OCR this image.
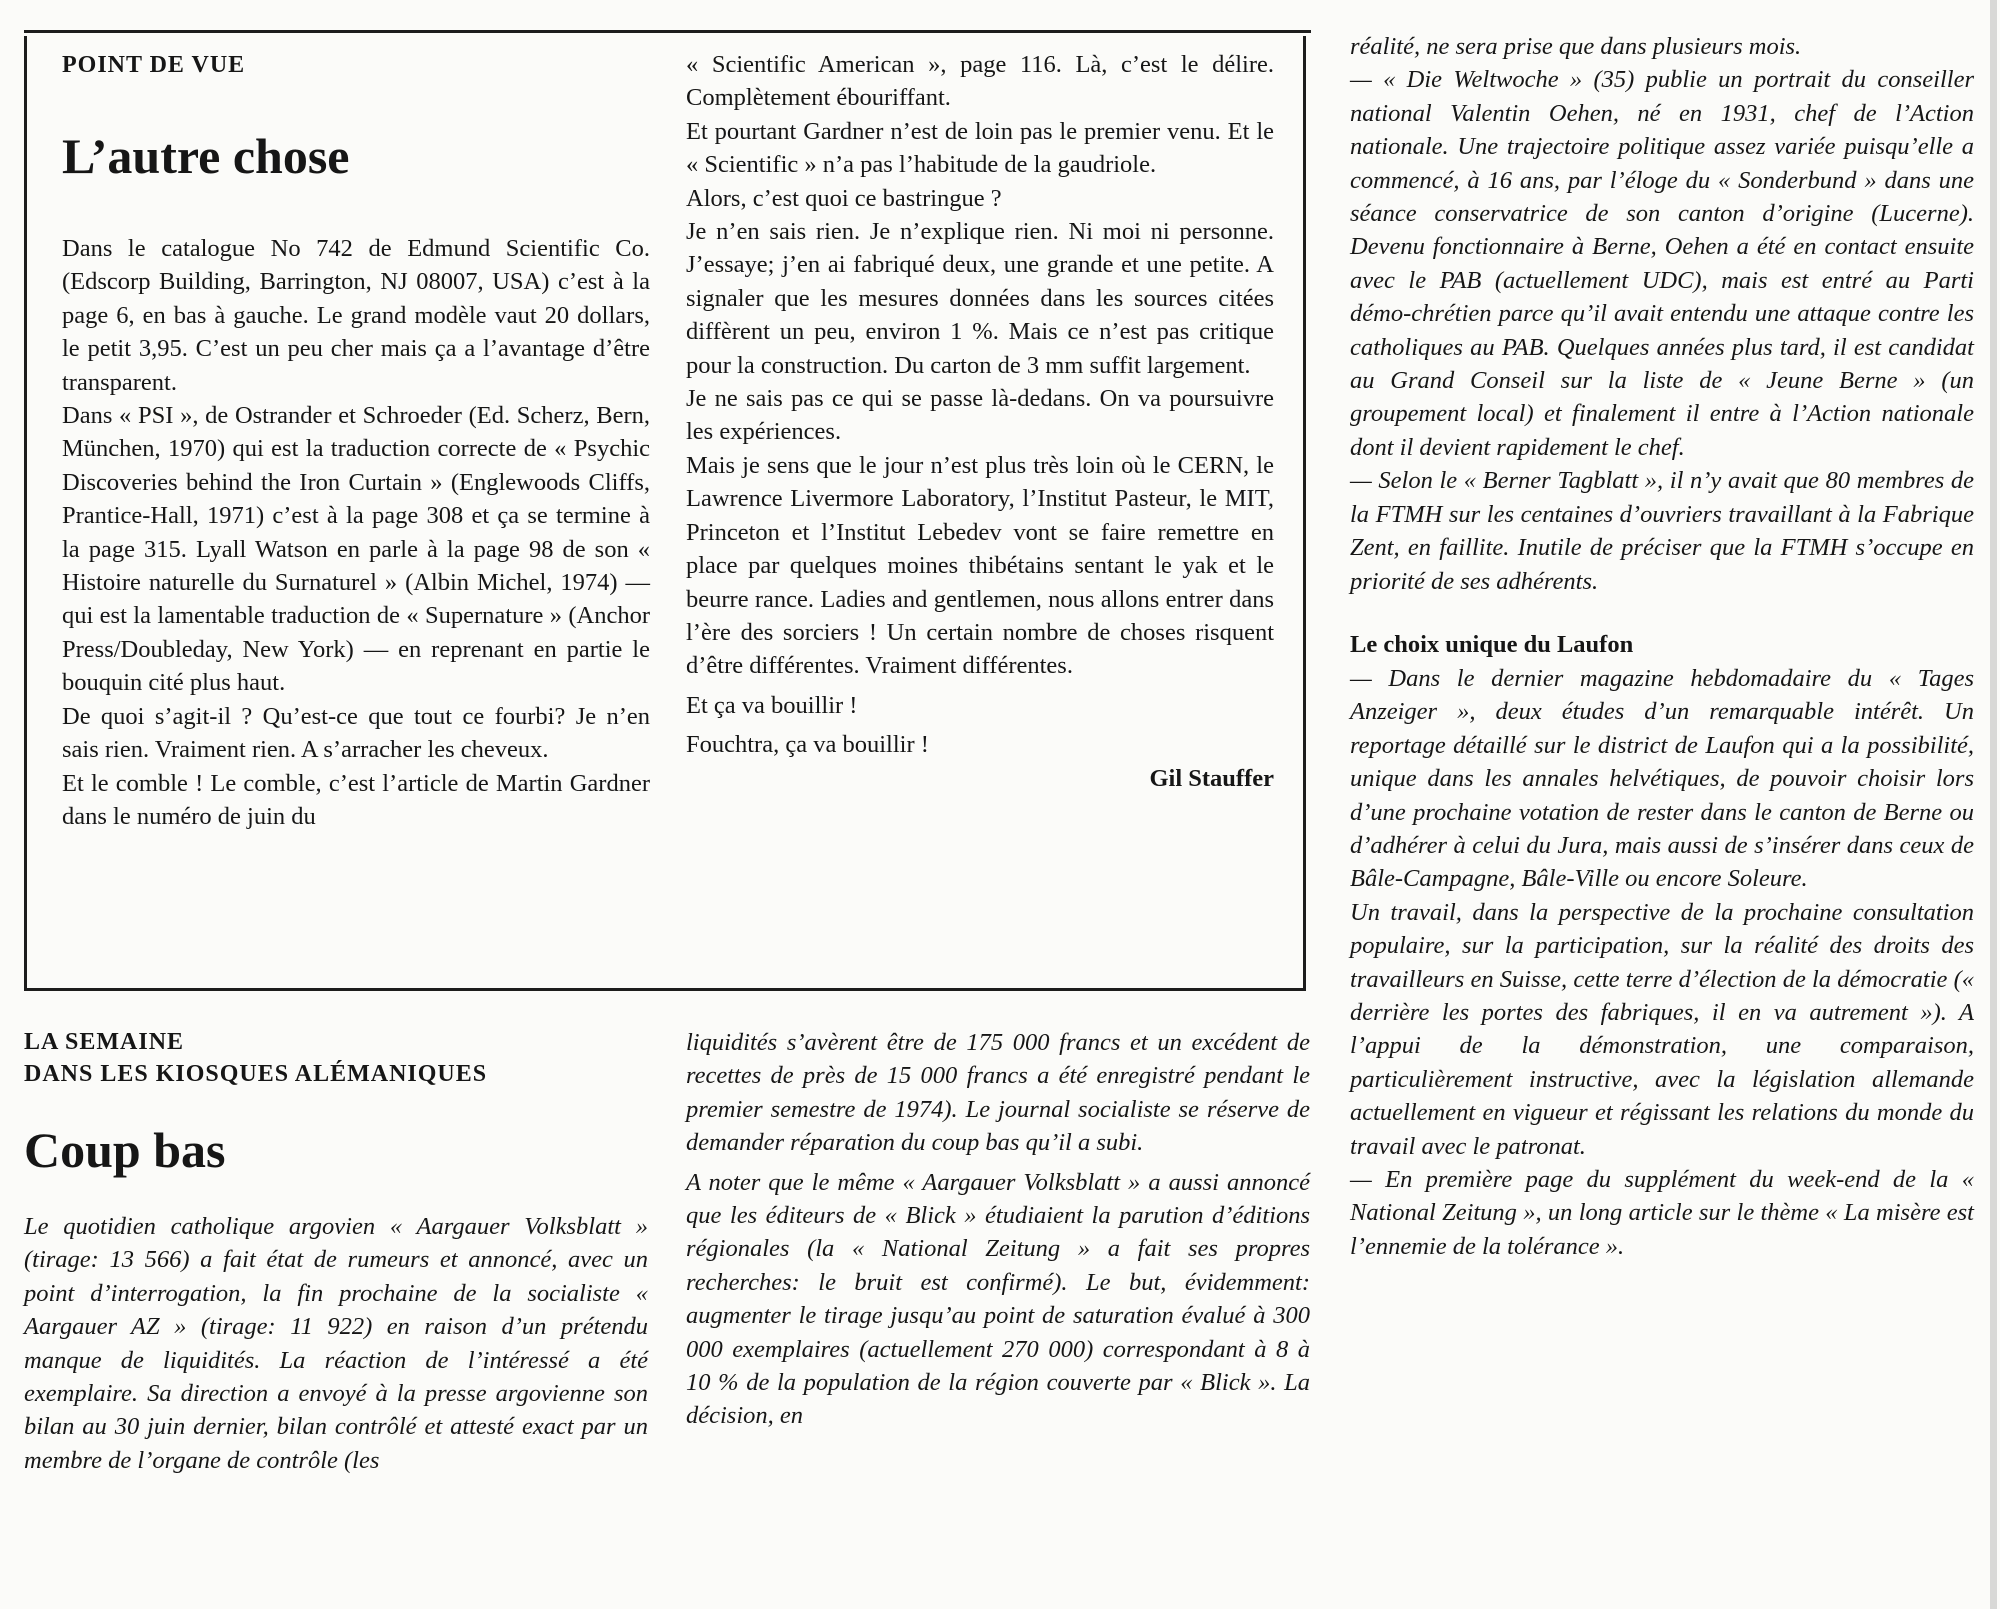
POINT DE VUE
L’autre chose

Dans le catalogue No 742 de Edmund Scientific Co. (Edscorp Building, Barrington, NJ 08007, USA) c’est à la page 6, en bas à gauche. Le grand modèle vaut 20 dollars, le petit 3,95. C’est un peu cher mais ça a l’avantage d’être transparent.

Dans « PSI », de Ostrander et Schroeder (Ed. Scherz, Bern, München, 1970) qui est la traduction correcte de « Psychic Discoveries behind the Iron Curtain » (Englewoods Cliffs, Prantice-Hall, 1971) c’est à la page 308 et ça se termine à la page 315. Lyall Watson en parle à la page 98 de son « Histoire naturelle du Surnaturel » (Albin Michel, 1974) — qui est la lamentable traduction de « Supernature » (Anchor Press/Doubleday, New York) — en reprenant en partie le bouquin cité plus haut.

De quoi s’agit-il ? Qu’est-ce que tout ce fourbi? Je n’en sais rien. Vraiment rien. A s’arracher les cheveux.

Et le comble ! Le comble, c’est l’article de Martin Gardner dans le numéro de juin du

« Scientific American », page 116. Là, c’est le délire. Complètement ébouriffant.

Et pourtant Gardner n’est de loin pas le premier venu. Et le « Scientific » n’a pas l’habitude de la gaudriole.

Alors, c’est quoi ce bastringue ?

Je n’en sais rien. Je n’explique rien. Ni moi ni personne. J’essaye; j’en ai fabriqué deux, une grande et une petite. A signaler que les mesures données dans les sources citées diffèrent un peu, environ 1 %. Mais ce n’est pas critique pour la construction. Du carton de 3 mm suffit largement.

Je ne sais pas ce qui se passe là-dedans. On va poursuivre les expériences.

Mais je sens que le jour n’est plus très loin où le CERN, le Lawrence Livermore Laboratory, l’Institut Pasteur, le MIT, Princeton et l’Institut Lebedev vont se faire remettre en place par quelques moines thibétains sentant le yak et le beurre rance. Ladies and gentlemen, nous allons entrer dans l’ère des sorciers ! Un certain nombre de choses risquent d’être différentes. Vraiment différentes.

Et ça va bouillir !

Fouchtra, ça va bouillir !

Gil Stauffer

LA SEMAINE
DANS LES KIOSQUES ALÉMANIQUES
Coup bas

Le quotidien catholique argovien « Aargauer Volksblatt » (tirage: 13 566) a fait état de rumeurs et annoncé, avec un point d’interrogation, la fin prochaine de la socialiste « Aargauer AZ » (tirage: 11 922) en raison d’un prétendu manque de liquidités. La réaction de l’intéressé a été exemplaire. Sa direction a envoyé à la presse argovienne son bilan au 30 juin dernier, bilan contrôlé et attesté exact par un membre de l’organe de contrôle (les

liquidités s’avèrent être de 175 000 francs et un excédent de recettes de près de 15 000 francs a été enregistré pendant le premier semestre de 1974). Le journal socialiste se réserve de demander réparation du coup bas qu’il a subi.

A noter que le même « Aargauer Volksblatt » a aussi annoncé que les éditeurs de « Blick » étudiaient la parution d’éditions régionales (la « National Zeitung » a fait ses propres recherches: le bruit est confirmé). Le but, évidemment: augmenter le tirage jusqu’au point de saturation évalué à 300 000 exemplaires (actuellement 270 000) correspondant à 8 à 10 % de la population de la région couverte par « Blick ». La décision, en

réalité, ne sera prise que dans plusieurs mois.

— « Die Weltwoche » (35) publie un portrait du conseiller national Valentin Oehen, né en 1931, chef de l’Action nationale. Une trajectoire politique assez variée puisqu’elle a commencé, à 16 ans, par l’éloge du « Sonderbund » dans une séance conservatrice de son canton d’origine (Lucerne). Devenu fonctionnaire à Berne, Oehen a été en contact ensuite avec le PAB (actuellement UDC), mais est entré au Parti démo-chrétien parce qu’il avait entendu une attaque contre les catholiques au PAB. Quelques années plus tard, il est candidat au Grand Conseil sur la liste de « Jeune Berne » (un groupement local) et finalement il entre à l’Action nationale dont il devient rapidement le chef.

— Selon le « Berner Tagblatt », il n’y avait que 80 membres de la FTMH sur les centaines d’ouvriers travaillant à la Fabrique Zent, en faillite. Inutile de préciser que la FTMH s’occupe en priorité de ses adhérents.

Le choix unique du Laufon

— Dans le dernier magazine hebdomadaire du « Tages Anzeiger », deux études d’un remarquable intérêt. Un reportage détaillé sur le district de Laufon qui a la possibilité, unique dans les annales helvétiques, de pouvoir choisir lors d’une prochaine votation de rester dans le canton de Berne ou d’adhérer à celui du Jura, mais aussi de s’insérer dans ceux de Bâle-Campagne, Bâle-Ville ou encore Soleure.

Un travail, dans la perspective de la prochaine consultation populaire, sur la participation, sur la réalité des droits des travailleurs en Suisse, cette terre d’élection de la démocratie (« derrière les portes des fabriques, il en va autrement »). A l’appui de la démonstration, une comparaison, particulièrement instructive, avec la législation allemande actuellement en vigueur et régissant les relations du monde du travail avec le patronat.

— En première page du supplément du week-end de la « National Zeitung », un long article sur le thème « La misère est l’ennemie de la tolérance ».
